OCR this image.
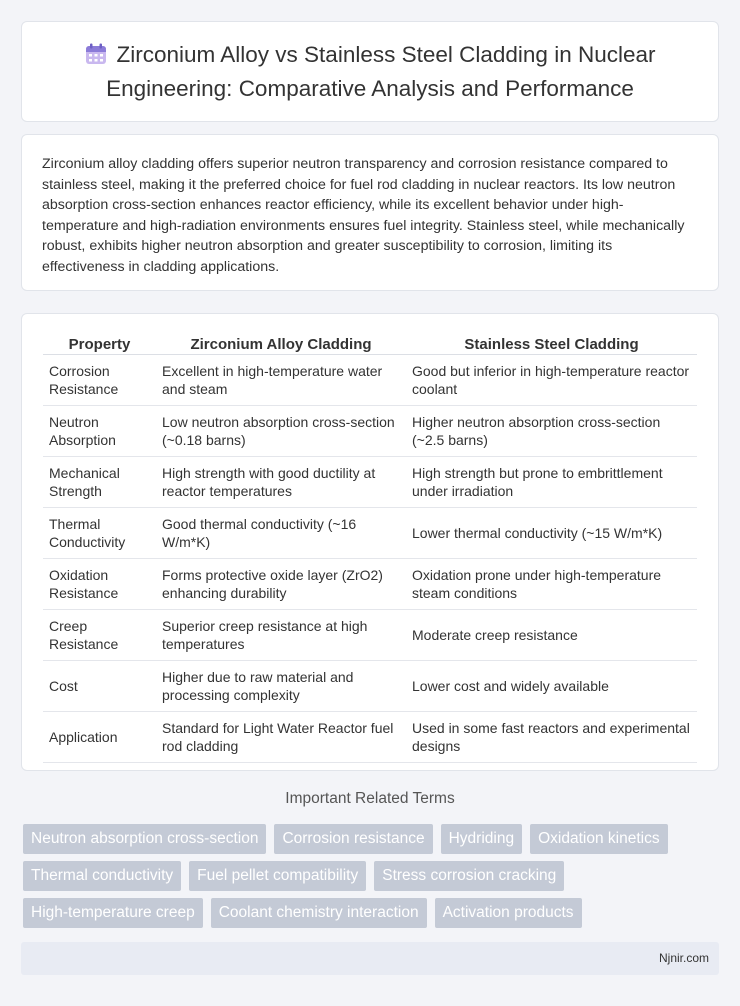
Zirconium Alloy vs Stainless Steel Cladding in Nuclear Engineering: Comparative Analysis and Performance

Zirconium alloy cladding offers superior neutron transparency and corrosion resistance compared to stainless steel, making it the preferred choice for fuel rod cladding in nuclear reactors. Its low neutron absorption cross-section enhances reactor efficiency, while its excellent behavior under high-temperature and high-radiation environments ensures fuel integrity. Stainless steel, while mechanically robust, exhibits higher neutron absorption and greater susceptibility to corrosion, limiting its effectiveness in cladding applications.

Property	Zirconium Alloy Cladding	Stainless Steel Cladding
Corrosion Resistance	Excellent in high-temperature water and steam	Good but inferior in high-temperature reactor coolant
Neutron Absorption	Low neutron absorption cross-section (~0.18 barns)	Higher neutron absorption cross-section (~2.5 barns)
Mechanical Strength	High strength with good ductility at reactor temperatures	High strength but prone to embrittlement under irradiation
Thermal Conductivity	Good thermal conductivity (~16 W/m*K)	Lower thermal conductivity (~15 W/m*K)
Oxidation Resistance	Forms protective oxide layer (ZrO2) enhancing durability	Oxidation prone under high-temperature steam conditions
Creep Resistance	Superior creep resistance at high temperatures	Moderate creep resistance
Cost	Higher due to raw material and processing complexity	Lower cost and widely available
Application	Standard for Light Water Reactor fuel rod cladding	Used in some fast reactors and experimental designs
Important Related Terms
Neutron absorption cross-section	Corrosion resistance	Hydriding	Oxidation kinetics
Thermal conductivity	Fuel pellet compatibility	Stress corrosion cracking
High-temperature creep	Coolant chemistry interaction	Activation products
Njnir.com
